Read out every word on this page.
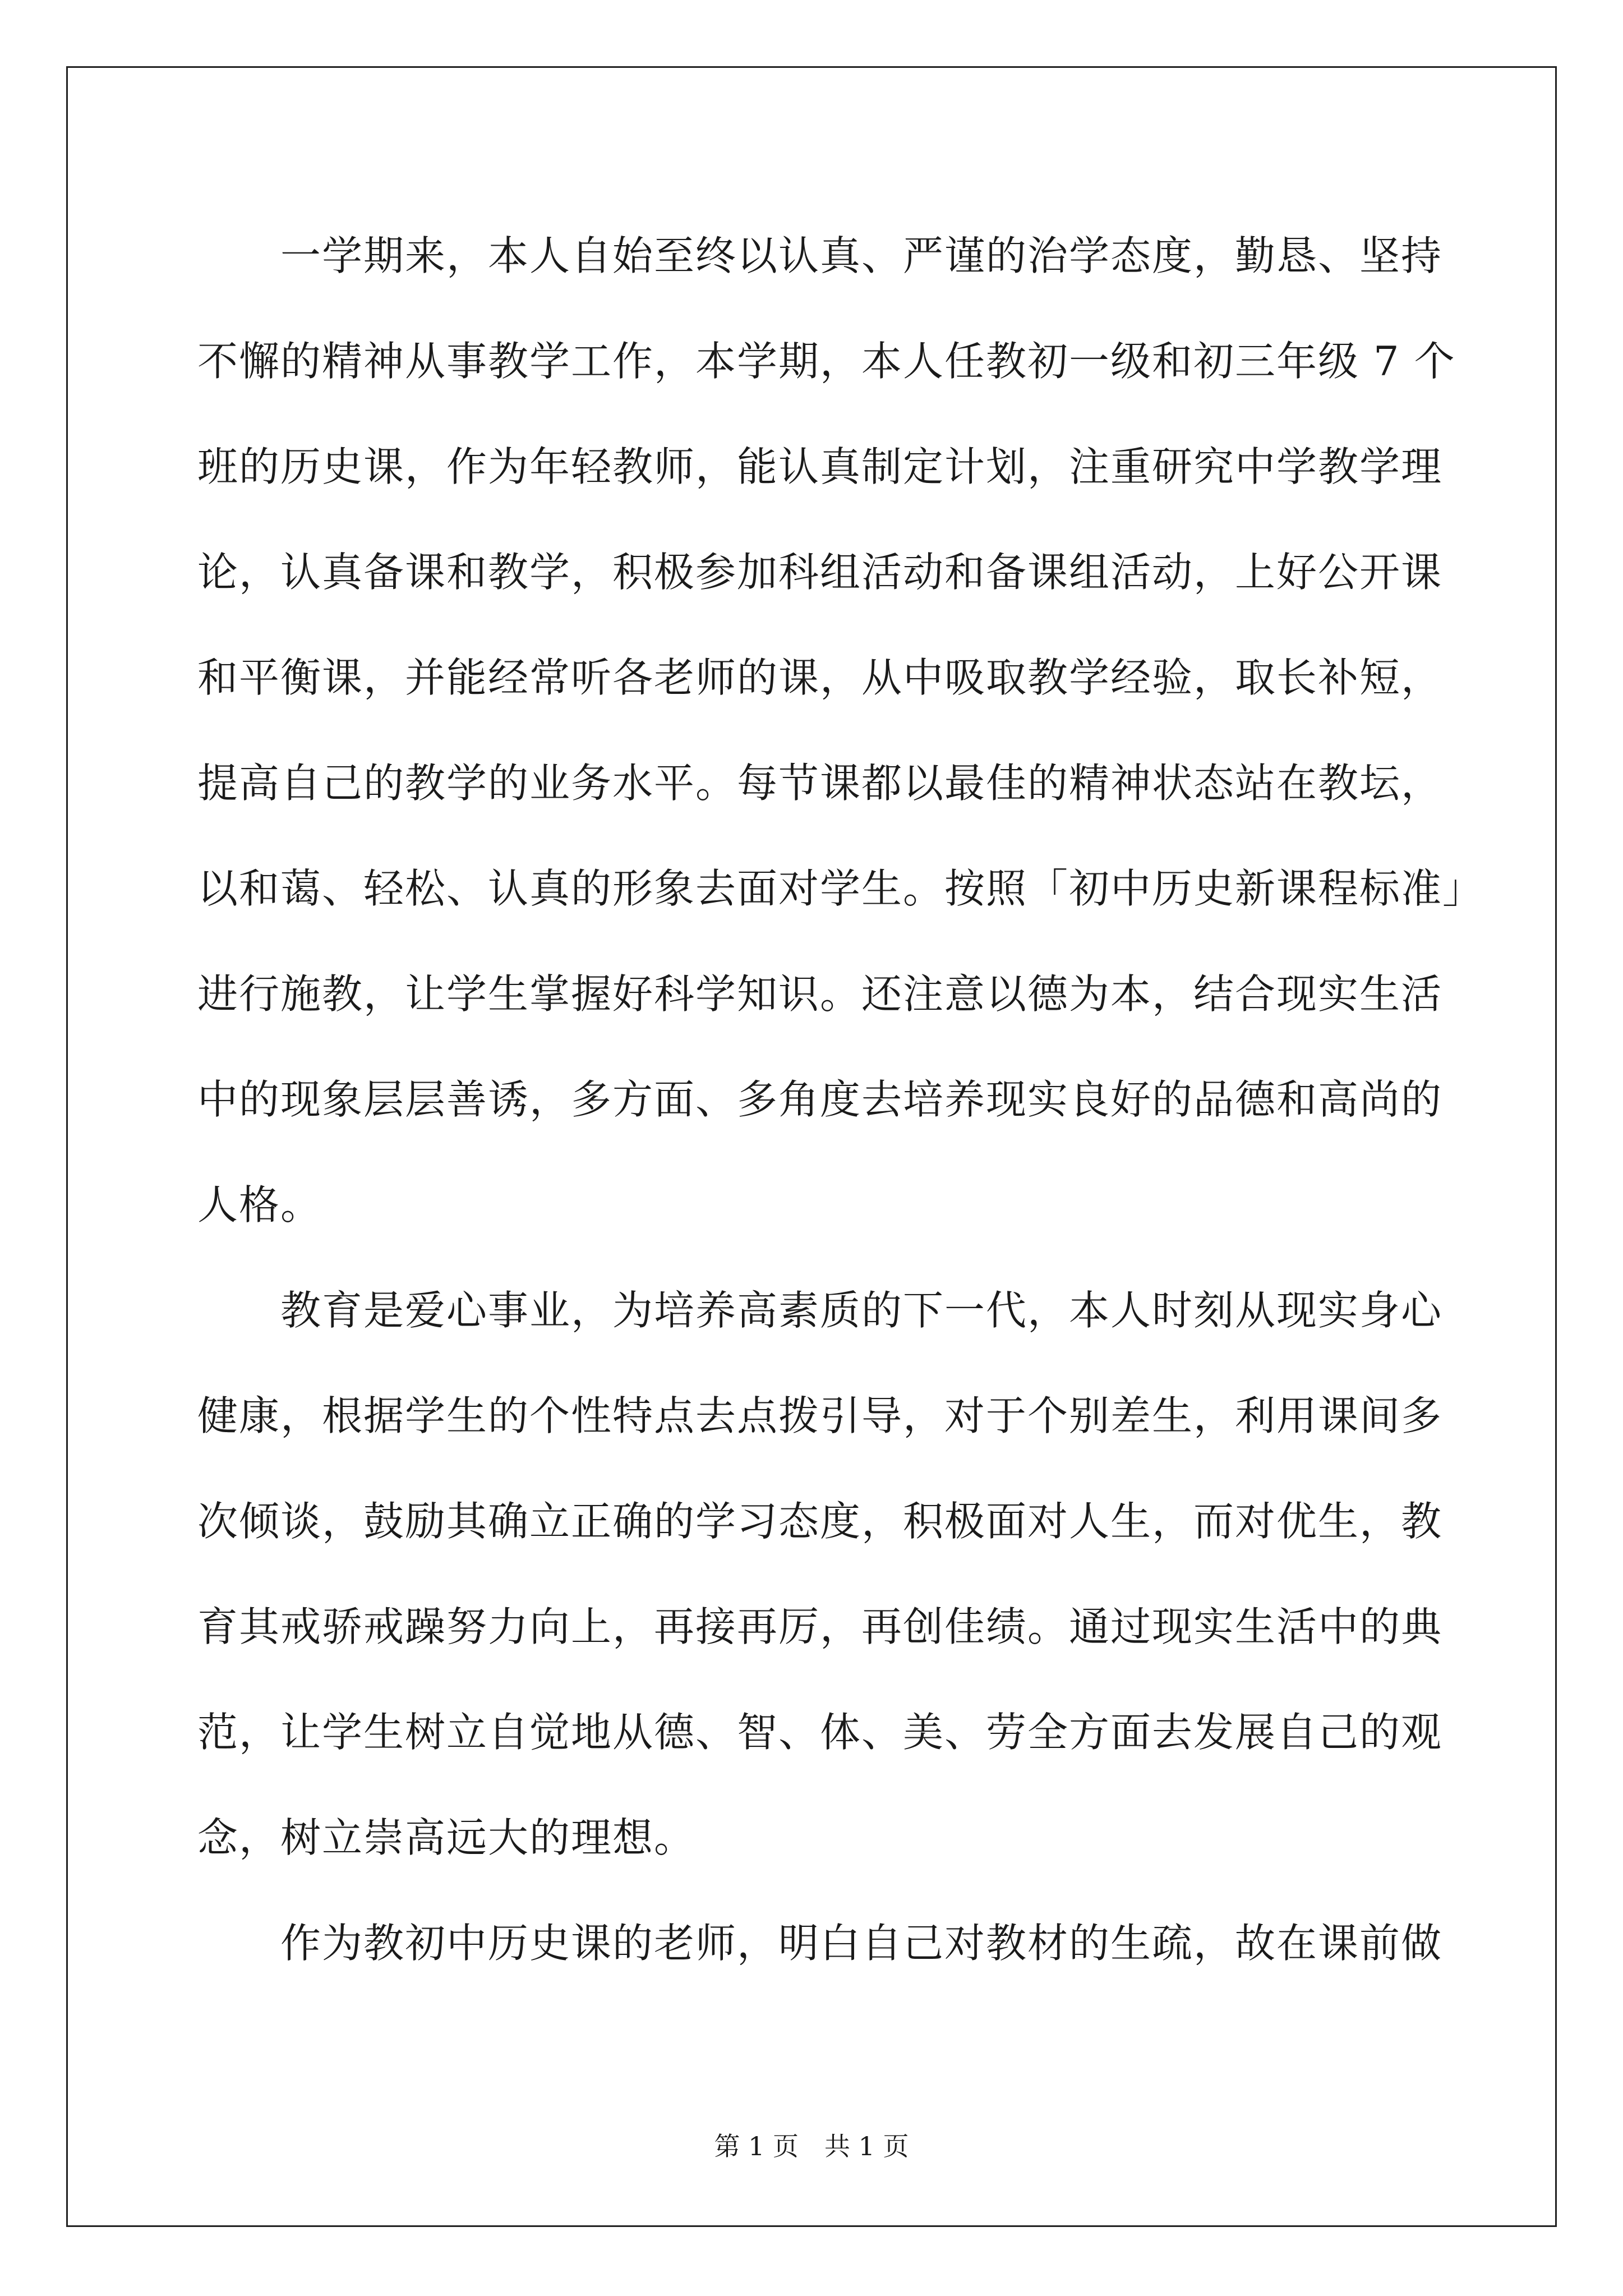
一学期来，本人自始至终以认真、严谨的治学态度，勤恳、坚持
不懈的精神从事教学工作，本学期，本人任教初一级和初三年级 7 个
班的历史课，作为年轻教师，能认真制定计划，注重研究中学教学理
论，认真备课和教学，积极参加科组活动和备课组活动，上好公开课
和平衡课，并能经常听各老师的课，从中吸取教学经验，取长补短，
提高自己的教学的业务水平。每节课都以最佳的精神状态站在教坛，
以和蔼、轻松、认真的形象去面对学生。按照「初中历史新课程标准」
进行施教，让学生掌握好科学知识。还注意以德为本，结合现实生活
中的现象层层善诱，多方面、多角度去培养现实良好的品德和高尚的
人格。
教育是爱心事业，为培养高素质的下一代，本人时刻从现实身心
健康，根据学生的个性特点去点拨引导，对于个别差生，利用课间多
次倾谈，鼓励其确立正确的学习态度，积极面对人生，而对优生，教
育其戒骄戒躁努力向上，再接再厉，再创佳绩。通过现实生活中的典
范，让学生树立自觉地从德、智、体、美、劳全方面去发展自己的观
念，树立崇高远大的理想。
作为教初中历史课的老师，明白自己对教材的生疏，故在课前做
第 1 页　共 1 页
